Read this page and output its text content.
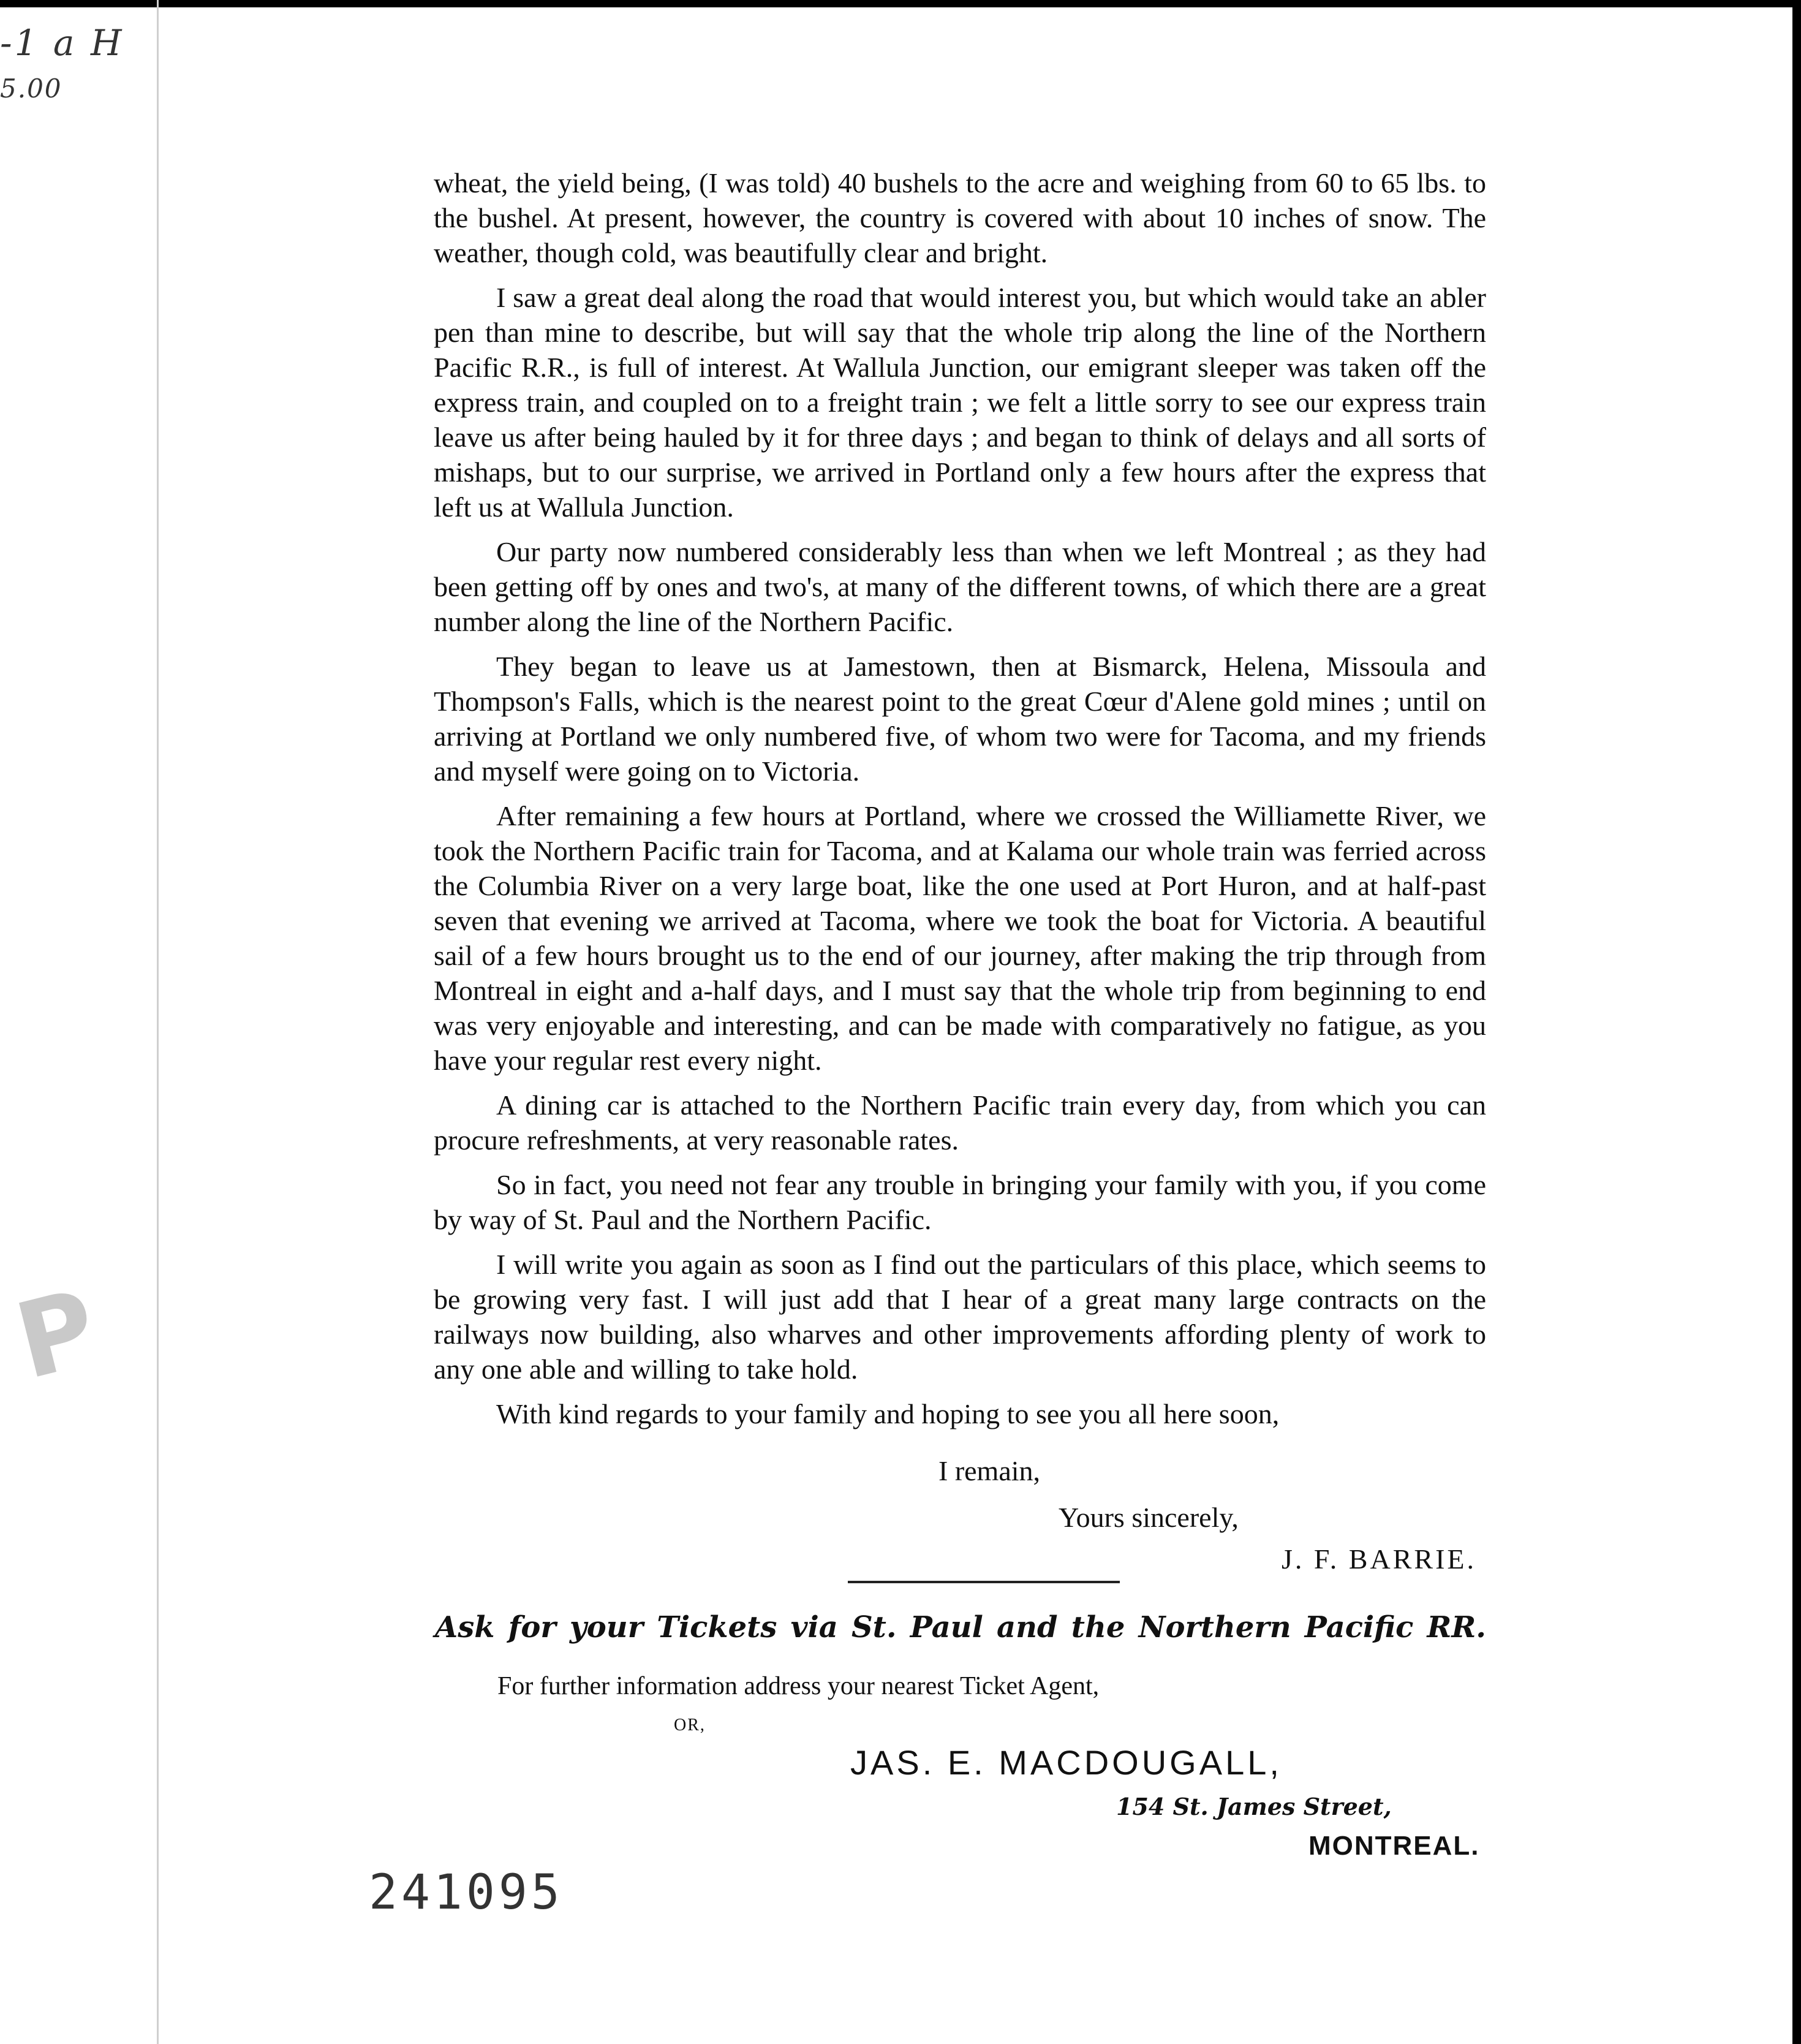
-1 a H
5.00
P

wheat, the yield being, (I was told) 40 bushels to the acre and weighing from 60 to 65 lbs. to the bushel. At present, however, the country is covered with about 10 inches of snow. The weather, though cold, was beautifully clear and bright.

I saw a great deal along the road that would interest you, but which would take an abler pen than mine to describe, but will say that the whole trip along the line of the Northern Pacific R.R., is full of interest. At Wallula Junction, our emigrant sleeper was taken off the express train, and coupled on to a freight train ; we felt a little sorry to see our express train leave us after being hauled by it for three days ; and began to think of delays and all sorts of mishaps, but to our surprise, we arrived in Portland only a few hours after the express that left us at Wallula Junction.

Our party now numbered considerably less than when we left Montreal ; as they had been getting off by ones and two's, at many of the different towns, of which there are a great number along the line of the Northern Pacific.

They began to leave us at Jamestown, then at Bismarck, Helena, Missoula and Thompson's Falls, which is the nearest point to the great Cœur d'Alene gold mines ; until on arriving at Portland we only numbered five, of whom two were for Tacoma, and my friends and myself were going on to Victoria.

After remaining a few hours at Portland, where we crossed the Williamette River, we took the Northern Pacific train for Tacoma, and at Kalama our whole train was ferried across the Columbia River on a very large boat, like the one used at Port Huron, and at half-past seven that evening we arrived at Tacoma, where we took the boat for Victoria. A beautiful sail of a few hours brought us to the end of our journey, after making the trip through from Montreal in eight and a-half days, and I must say that the whole trip from beginning to end was very enjoyable and interesting, and can be made with comparatively no fatigue, as you have your regular rest every night.

A dining car is attached to the Northern Pacific train every day, from which you can procure refreshments, at very reasonable rates.

So in fact, you need not fear any trouble in bringing your family with you, if you come by way of St. Paul and the Northern Pacific.

I will write you again as soon as I find out the particulars of this place, which seems to be growing very fast. I will just add that I hear of a great many large contracts on the railways now building, also wharves and other improvements affording plenty of work to any one able and willing to take hold.

With kind regards to your family and hoping to see you all here soon,

I remain,
Yours sincerely,
J. F. BARRIE.
Ask for your Tickets via St. Paul and the Northern Pacific RR.
For further information address your nearest Ticket Agent,
OR,
JAS. E. MACDOUGALL,
154 St. James Street,
MONTREAL.
241095
